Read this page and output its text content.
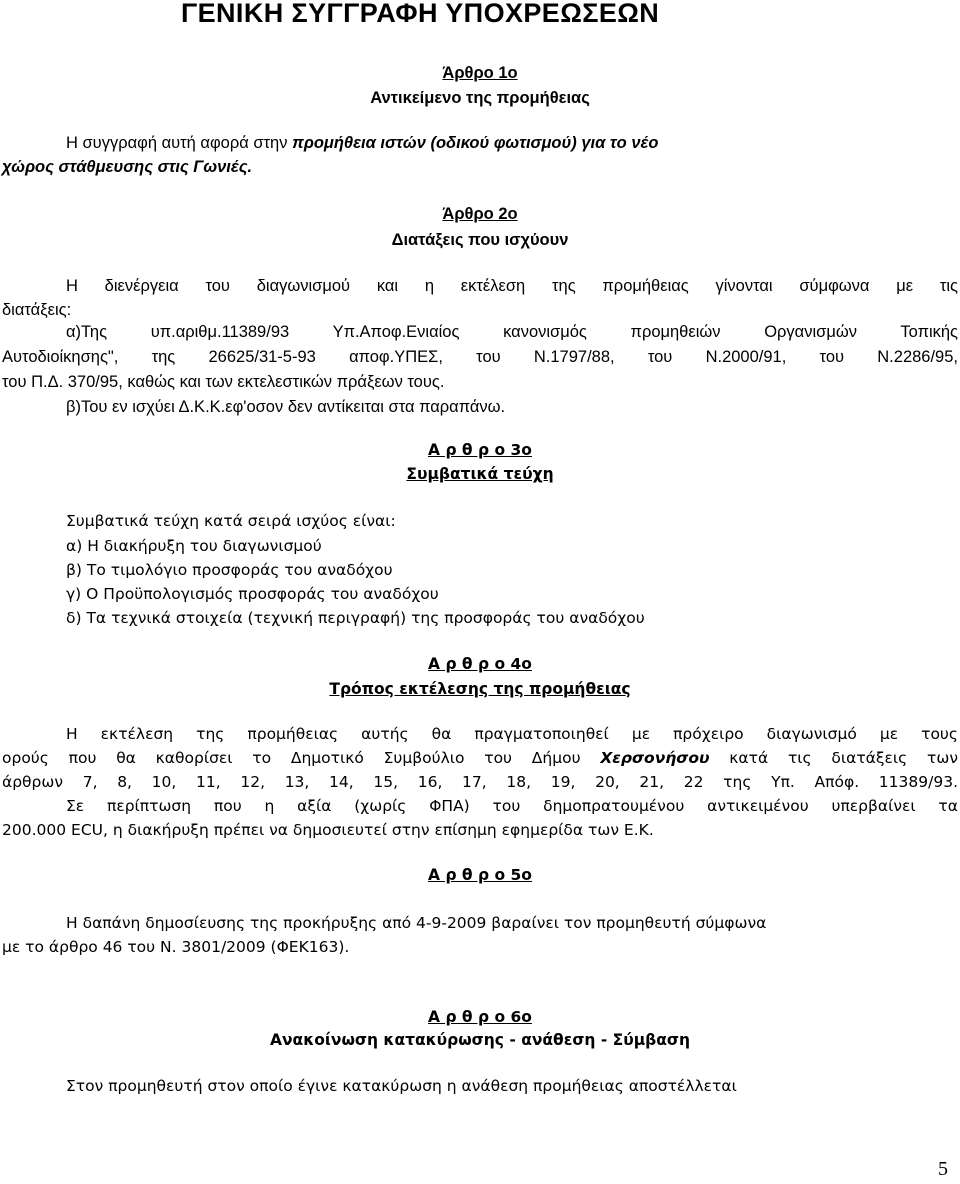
ΓΕΝΙΚΗ ΣΥΓΓΡΑΦΗ ΥΠΟΧΡΕΩΣΕΩΝ
Άρθρο 1ο
Αντικείμενο της προμήθειας
Η συγγραφή αυτή αφορά στην προμήθεια ιστών (οδικού φωτισμού) για το νέο
χώρος στάθμευσης στις Γωνιές.
Άρθρο 2ο
Διατάξεις που ισχύουν
Η διενέργεια του διαγωνισμού και η εκτέλεση της προμήθειας γίνονται σύμφωνα με τις
διατάξεις:
α)Της υπ.αριθμ.11389/93 Υπ.Αποφ.Ενιαίος κανονισμός προμηθειών Οργανισμών Τοπικής
Αυτοδιοίκησης", της 26625/31-5-93 αποφ.ΥΠΕΣ, του Ν.1797/88, του Ν.2000/91, του Ν.2286/95,
του Π.Δ. 370/95, καθώς και των εκτελεστικών πράξεων τους.
β)Του εν ισχύει Δ.Κ.Κ.εφ'οσον δεν αντίκειται στα παραπάνω.
Α ρ θ ρ ο 3ο
Συμβατικά τεύχη
Συμβατικά τεύχη κατά σειρά ισχύος είναι:
α) Η διακήρυξη του διαγωνισμού
β) Το τιμολόγιο προσφοράς του αναδόχου
γ) Ο Προϋπολογισμός προσφοράς του αναδόχου
δ) Τα τεχνικά στοιχεία (τεχνική περιγραφή) της προσφοράς του αναδόχου
Α ρ θ ρ ο 4ο
Τρόπος εκτέλεσης της προμήθειας
Η εκτέλεση της προμήθειας αυτής θα πραγματοποιηθεί με πρόχειρο διαγωνισμό με τους
ορούς που θα καθορίσει το Δημοτικό Συμβούλιο του Δήμου Χερσονήσου κατά τις διατάξεις των
άρθρων 7, 8, 10, 11, 12, 13, 14, 15, 16, 17, 18, 19, 20, 21, 22 της Υπ. Απόφ. 11389/93.
Σε περίπτωση που η αξία (χωρίς ΦΠΑ) του δημοπρατουμένου αντικειμένου υπερβαίνει τα
200.000 ECU, η διακήρυξη πρέπει να δημοσιευτεί στην επίσημη εφημερίδα των Ε.Κ.
Α ρ θ ρ ο 5ο
Η δαπάνη δημοσίευσης της προκήρυξης από 4-9-2009 βαραίνει τον προμηθευτή σύμφωνα
με το άρθρο 46 του Ν. 3801/2009 (ΦΕΚ163).
Α ρ θ ρ ο 6ο
Ανακοίνωση κατακύρωσης - ανάθεση - Σύμβαση
Στον προμηθευτή στον οποίο έγινε κατακύρωση η ανάθεση προμήθειας αποστέλλεται
5
